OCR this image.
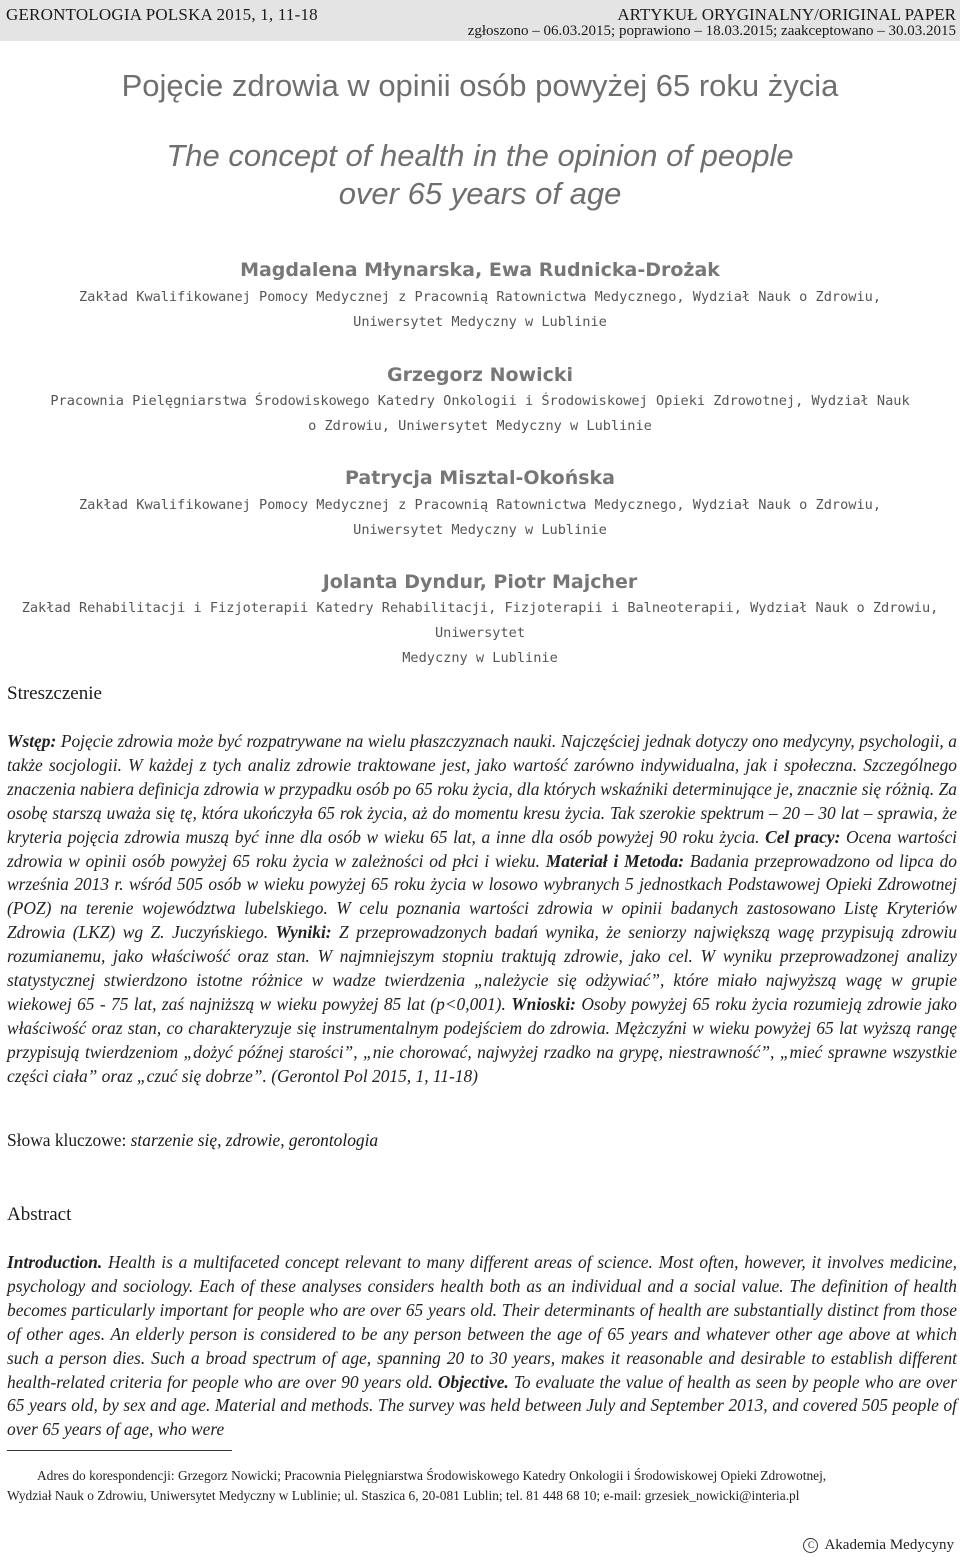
GERONTOLOGIA POLSKA 2015, 1, 11-18	ARTYKUŁ ORYGINALNY/ORIGINAL PAPER
zgłoszono – 06.03.2015; poprawiono – 18.03.2015; zaakceptowano – 30.03.2015
Pojęcie zdrowia w opinii osób powyżej 65 roku życia
The concept of health in the opinion of people
over 65 years of age
Magdalena Młynarska, Ewa Rudnicka-Drożak
Zakład Kwalifikowanej Pomocy Medycznej z Pracownią Ratownictwa Medycznego, Wydział Nauk o Zdrowiu,
Uniwersytet Medyczny w Lublinie
Grzegorz Nowicki
Pracownia Pielęgniarstwa Środowiskowego Katedry Onkologii i Środowiskowej Opieki Zdrowotnej, Wydział Nauk
o Zdrowiu, Uniwersytet Medyczny w Lublinie
Patrycja Misztal-Okońska
Zakład Kwalifikowanej Pomocy Medycznej z Pracownią Ratownictwa Medycznego, Wydział Nauk o Zdrowiu,
Uniwersytet Medyczny w Lublinie
Jolanta Dyndur, Piotr Majcher
Zakład Rehabilitacji i Fizjoterapii Katedry Rehabilitacji, Fizjoterapii i Balneoterapii, Wydział Nauk o Zdrowiu, Uniwersytet
Medyczny w Lublinie
Streszczenie
Wstęp: Pojęcie zdrowia może być rozpatrywane na wielu płaszczyznach nauki. Najczęściej jednak dotyczy ono medycyny, psychologii, a także socjologii. W każdej z tych analiz zdrowie traktowane jest, jako wartość zarówno indywidualna, jak i społeczna. Szczególnego znaczenia nabiera definicja zdrowia w przypadku osób po 65 roku życia, dla których wskaźniki determinujące je, znacznie się różnią. Za osobę starszą uważa się tę, która ukończyła 65 rok życia, aż do momentu kresu życia. Tak szerokie spektrum – 20 – 30 lat – sprawia, że kryteria pojęcia zdrowia muszą być inne dla osób w wieku 65 lat, a inne dla osób powyżej 90 roku życia. Cel pracy: Ocena wartości zdrowia w opinii osób powyżej 65 roku życia w zależności od płci i wieku. Materiał i Metoda: Badania przeprowadzono od lipca do września 2013 r. wśród 505 osób w wieku powyżej 65 roku życia w losowo wybranych 5 jednostkach Podstawowej Opieki Zdrowotnej (POZ) na terenie województwa lubelskiego. W celu poznania wartości zdrowia w opinii badanych zastosowano Listę Kryteriów Zdrowia (LKZ) wg Z. Juczyńskiego. Wyniki: Z przeprowadzonych badań wynika, że seniorzy największą wagę przypisują zdrowiu rozumianemu, jako właściwość oraz stan. W najmniejszym stopniu traktują zdrowie, jako cel. W wyniku przeprowadzonej analizy statystycznej stwierdzono istotne różnice w wadze twierdzenia „należycie się odżywiać”, które miało najwyższą wagę w grupie wiekowej 65 - 75 lat, zaś najniższą w wieku powyżej 85 lat (p<0,001). Wnioski: Osoby powyżej 65 roku życia rozumieją zdrowie jako właściwość oraz stan, co charakteryzuje się instrumentalnym podejściem do zdrowia. Mężczyźni w wieku powyżej 65 lat wyższą rangę przypisują twierdzeniom „dożyć późnej starości”, „nie chorować, najwyżej rzadko na grypę, niestrawność”, „mieć sprawne wszystkie części ciała” oraz „czuć się dobrze”. (Gerontol Pol 2015, 1, 11-18)
Słowa kluczowe: starzenie się, zdrowie, gerontologia
Abstract
Introduction. Health is a multifaceted concept relevant to many different areas of science. Most often, however, it involves medicine, psychology and sociology. Each of these analyses considers health both as an individual and a social value. The definition of health becomes particularly important for people who are over 65 years old. Their determinants of health are substantially distinct from those of other ages. An elderly person is considered to be any person between the age of 65 years and whatever other age above at which such a person dies. Such a broad spectrum of age, spanning 20 to 30 years, makes it reasonable and desirable to establish different health-related criteria for people who are over 90 years old. Objective. To evaluate the value of health as seen by people who are over 65 years old, by sex and age. Material and methods. The survey was held between July and September 2013, and covered 505 people of over 65 years of age, who were
Adres do korespondencji: Grzegorz Nowicki; Pracownia Pielęgniarstwa Środowiskowego Katedry Onkologii i Środowiskowej Opieki Zdrowotnej,
Wydział Nauk o Zdrowiu, Uniwersytet Medyczny w Lublinie; ul. Staszica 6, 20-081 Lublin; tel. 81 448 68 10; e-mail: grzesiek_nowicki@interia.pl
C Akademia Medycyny
